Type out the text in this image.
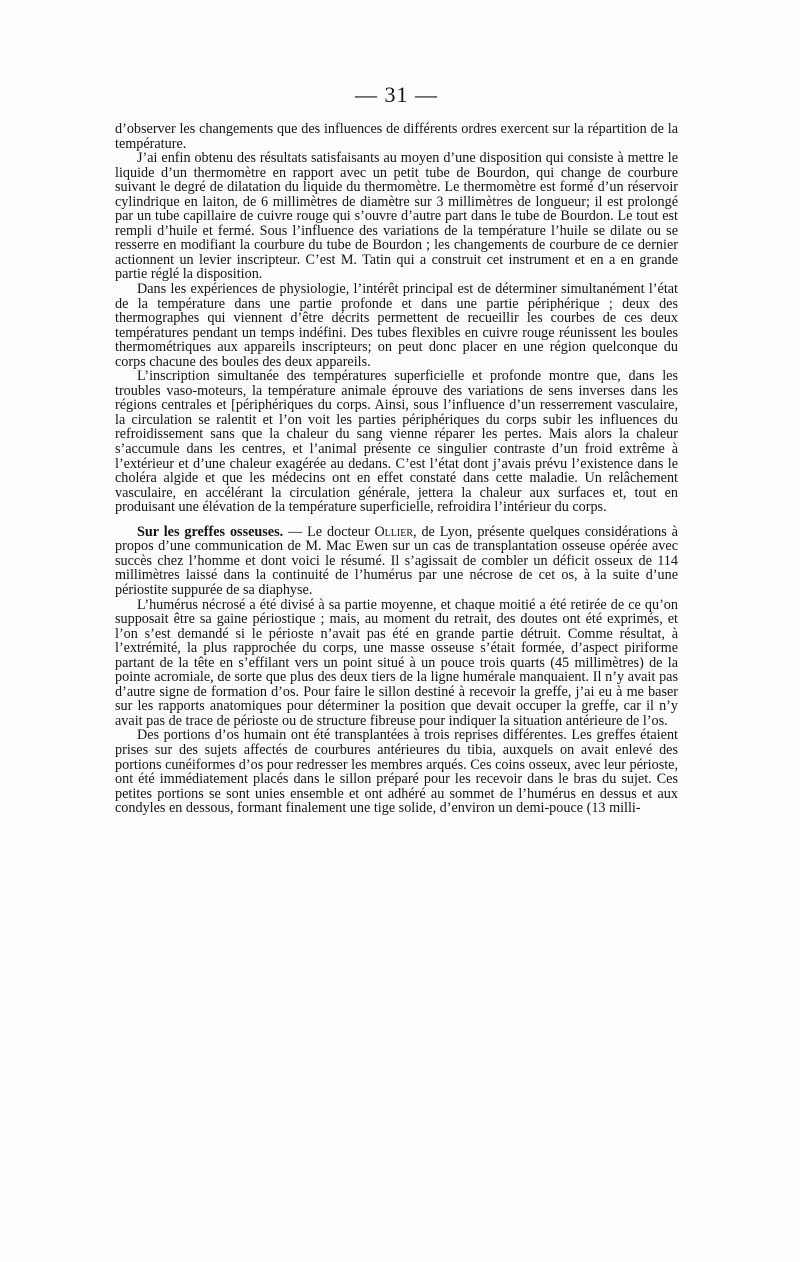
— 31 —

d’observer les changements que des influences de différents ordres exercent sur la répartition de la température.

J’ai enfin obtenu des résultats satisfaisants au moyen d’une disposition qui consiste à mettre le liquide d’un thermomètre en rapport avec un petit tube de Bourdon, qui change de courbure suivant le degré de dilatation du liquide du thermomètre. Le thermomètre est formé d’un réservoir cylindrique en laiton, de 6 millimètres de diamètre sur 3 millimètres de longueur; il est prolongé par un tube capillaire de cuivre rouge qui s’ouvre d’autre part dans le tube de Bourdon. Le tout est rempli d’huile et fermé. Sous l’influence des variations de la température l’huile se dilate ou se resserre en modifiant la courbure du tube de Bourdon ; les changements de courbure de ce dernier actionnent un levier inscripteur. C’est M. Tatin qui a construit cet instrument et en a en grande partie réglé la disposition.

Dans les expériences de physiologie, l’intérêt principal est de déterminer simultanément l’état de la température dans une partie profonde et dans une partie périphérique ; deux des thermographes qui viennent d’être décrits permettent de recueillir les courbes de ces deux températures pendant un temps indéfini. Des tubes flexibles en cuivre rouge réunissent les boules thermométriques aux appareils inscripteurs; on peut donc placer en une région quelconque du corps chacune des boules des deux appareils.

L’inscription simultanée des températures superficielle et profonde montre que, dans les troubles vaso-moteurs, la température animale éprouve des variations de sens inverses dans les régions centrales et [périphériques du corps. Ainsi, sous l’influence d’un resserrement vasculaire, la circulation se ralentit et l’on voit les parties périphériques du corps subir les influences du refroidissement sans que la chaleur du sang vienne réparer les pertes. Mais alors la chaleur s’accumule dans les centres, et l’animal présente ce singulier contraste d’un froid extrême à l’extérieur et d’une chaleur exagérée au dedans. C’est l’état dont j’avais prévu l’existence dans le choléra algide et que les médecins ont en effet constaté dans cette maladie. Un relâchement vasculaire, en accélérant la circulation générale, jettera la chaleur aux surfaces et, tout en produisant une élévation de la température superficielle, refroidira l’intérieur du corps.

Sur les greffes osseuses. — Le docteur Ollier, de Lyon, présente quelques considérations à propos d’une communication de M. Mac Ewen sur un cas de transplantation osseuse opérée avec succès chez l’homme et dont voici le résumé. Il s’agissait de combler un déficit osseux de 114 millimètres laissé dans la continuité de l’humérus par une nécrose de cet os, à la suite d’une périostite suppurée de sa diaphyse.

L’humérus nécrosé a été divisé à sa partie moyenne, et chaque moitié a été retirée de ce qu’on supposait être sa gaine périostique ; mais, au moment du retrait, des doutes ont été exprimés, et l’on s’est demandé si le périoste n’avait pas été en grande partie détruit. Comme résultat, à l’extrémité, la plus rapprochée du corps, une masse osseuse s’était formée, d’aspect piriforme partant de la tête en s’effilant vers un point situé à un pouce trois quarts (45 millimètres) de la pointe acromiale, de sorte que plus des deux tiers de la ligne humérale manquaient. Il n’y avait pas d’autre signe de formation d’os. Pour faire le sillon destiné à recevoir la greffe, j’ai eu à me baser sur les rapports anatomiques pour déterminer la position que devait occuper la greffe, car il n’y avait pas de trace de périoste ou de structure fibreuse pour indiquer la situation antérieure de l’os.

Des portions d’os humain ont été transplantées à trois reprises différentes. Les greffes étaient prises sur des sujets affectés de courbures antérieures du tibia, auxquels on avait enlevé des portions cunéiformes d’os pour redresser les membres arqués. Ces coins osseux, avec leur périoste, ont été immédiatement placés dans le sillon préparé pour les recevoir dans le bras du sujet. Ces petites portions se sont unies ensemble et ont adhéré au sommet de l’humérus en dessus et aux condyles en dessous, formant finalement une tige solide, d’environ un demi-pouce (13 milli-
